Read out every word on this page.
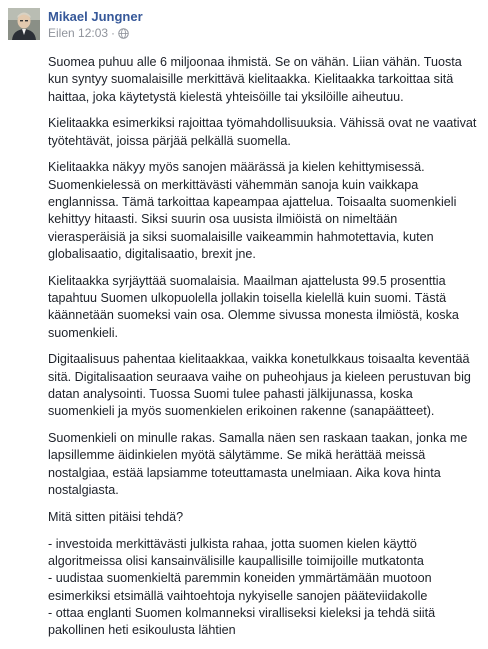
Mikael Jungner
Eilen 12:03 ·

Suomea puhuu alle 6 miljoonaa ihmistä. Se on vähän. Liian vähän. Tuosta kun syntyy suomalaisille merkittävä kielitaakka. Kielitaakka tarkoittaa sitä haittaa, joka käytetystä kielestä yhteisöille tai yksilöille aiheutuu.

Kielitaakka esimerkiksi rajoittaa työmahdollisuuksia. Vähissä ovat ne vaativat työtehtävät, joissa pärjää pelkällä suomella.

Kielitaakka näkyy myös sanojen määrässä ja kielen kehittymisessä. Suomenkielessä on merkittävästi vähemmän sanoja kuin vaikkapa englannissa. Tämä tarkoittaa kapeampaa ajattelua. Toisaalta suomenkieli kehittyy hitaasti. Siksi suurin osa uusista ilmiöistä on nimeltään vierasperäisiä ja siksi suomalaisille vaikeammin hahmotettavia, kuten globalisaatio, digitalisaatio, brexit jne.

Kielitaakka syrjäyttää suomalaisia. Maailman ajattelusta 99.5 prosenttia tapahtuu Suomen ulkopuolella jollakin toisella kielellä kuin suomi. Tästä käännetään suomeksi vain osa. Olemme sivussa monesta ilmiöstä, koska suomenkieli.

Digitaalisuus pahentaa kielitaakkaa, vaikka konetulkkaus toisaalta keventää sitä. Digitalisaation seuraava vaihe on puheohjaus ja kieleen perustuvan big datan analysointi. Tuossa Suomi tulee pahasti jälkijunassa, koska suomenkieli ja myös suomenkielen erikoinen rakenne (sanapäätteet).

Suomenkieli on minulle rakas. Samalla näen sen raskaan taakan, jonka me lapsillemme äidinkielen myötä sälytämme. Se mikä herättää meissä nostalgiaa, estää lapsiamme toteuttamasta unelmiaan. Aika kova hinta nostalgiasta.

Mitä sitten pitäisi tehdä?

- investoida merkittävästi julkista rahaa, jotta suomen kielen käyttö algoritmeissa olisi kansainvälisille kaupallisille toimijoille mutkatonta
- uudistaa suomenkieltä paremmin koneiden ymmärtämään muotoon esimerkiksi etsimällä vaihtoehtoja nykyiselle sanojen pääteviidakolle
- ottaa englanti Suomen kolmanneksi viralliseksi kieleksi ja tehdä siitä pakollinen heti esikoulusta lähtien
